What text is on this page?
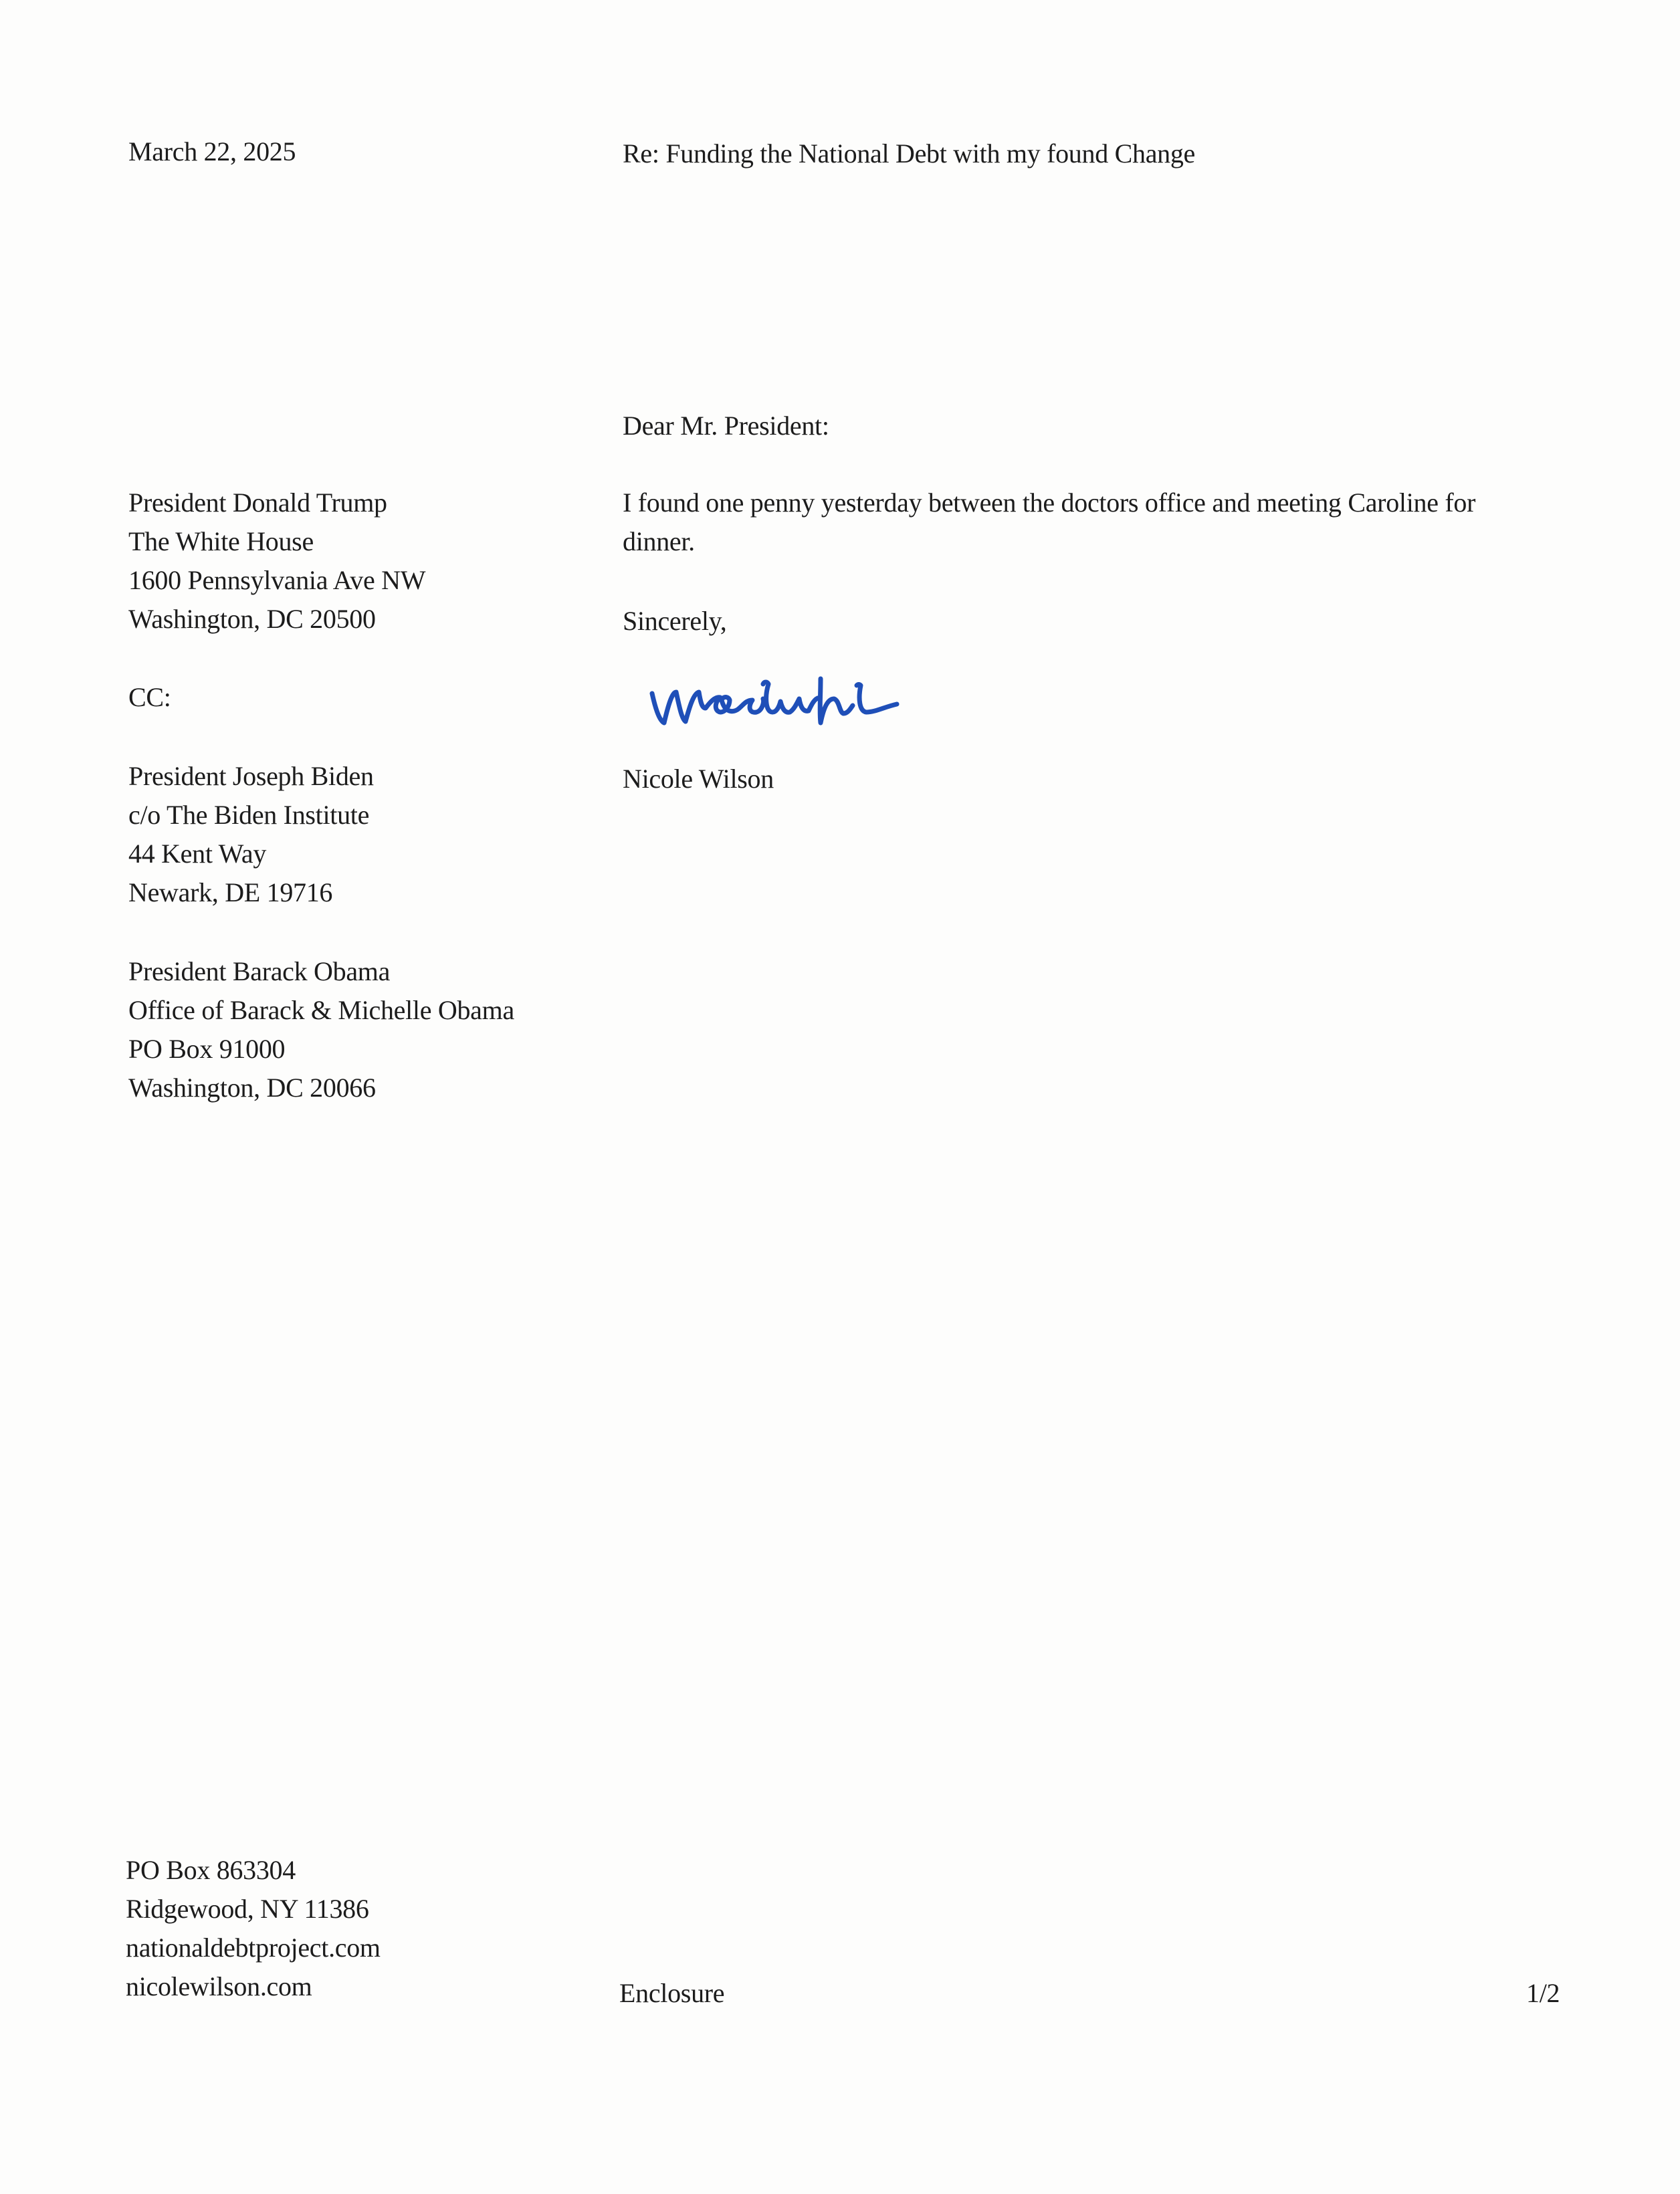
March 22, 2025	Re: Funding the National Debt with my found Change
President Donald Trump
The White House
1600 Pennsylvania Ave NW
Washington, DC 20500
CC:
President Joseph Biden
c/o The Biden Institute
44 Kent Way
Newark, DE 19716
President Barack Obama
Office of Barack & Michelle Obama
PO Box 91000
Washington, DC 20066
Dear Mr. President:
I found one penny yesterday between the doctors office and meeting Caroline for dinner.
Sincerely,
Nicole Wilson
PO Box 863304
Ridgewood, NY 11386
nationaldebtproject.com
nicolewilson.com	Enclosure	1/2
